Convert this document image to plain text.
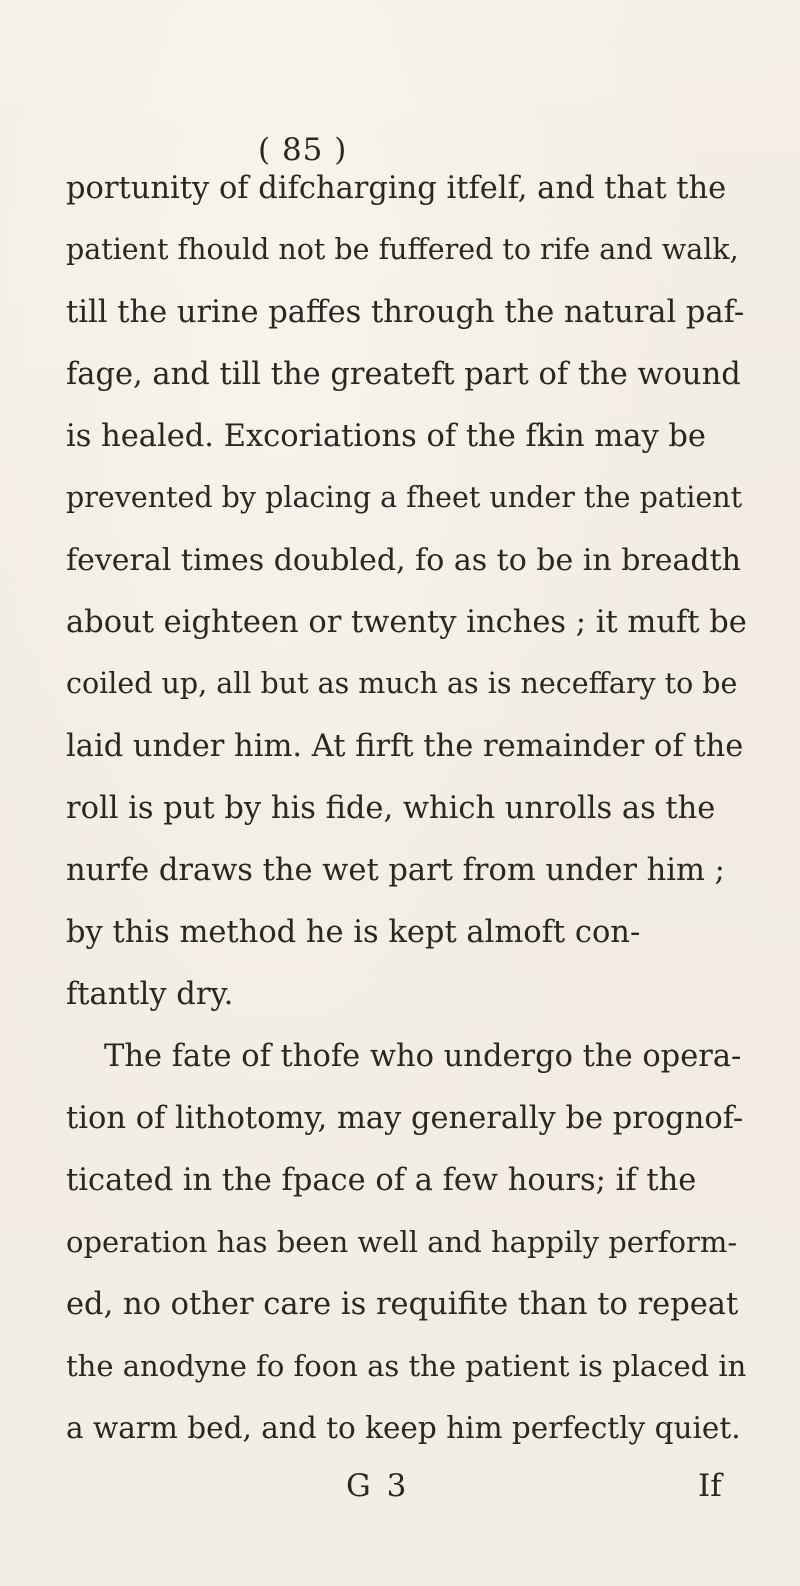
( 85 )
portunity of difcharging itfelf, and that the
patient fhould not be fuffered to rife and walk,
till the urine paffes through the natural paf-
fage, and till the greateft part of the wound
is healed. Excoriations of the fkin may be
prevented by placing a fheet under the patient
feveral times doubled, fo as to be in breadth
about eighteen or twenty inches ; it muft be
coiled up, all but as much as is neceffary to be
laid under him. At firft the remainder of the
roll is put by his fide, which unrolls as the
nurfe draws the wet part from under him ;
by this method he is kept almoft con-
ftantly dry.
The fate of thofe who undergo the opera-
tion of lithotomy, may generally be prognof-
ticated in the fpace of a few hours; if the
operation has been well and happily perform-
ed, no other care is requifite than to repeat
the anodyne fo foon as the patient is placed in
a warm bed, and to keep him perfectly quiet.
G 3	If
